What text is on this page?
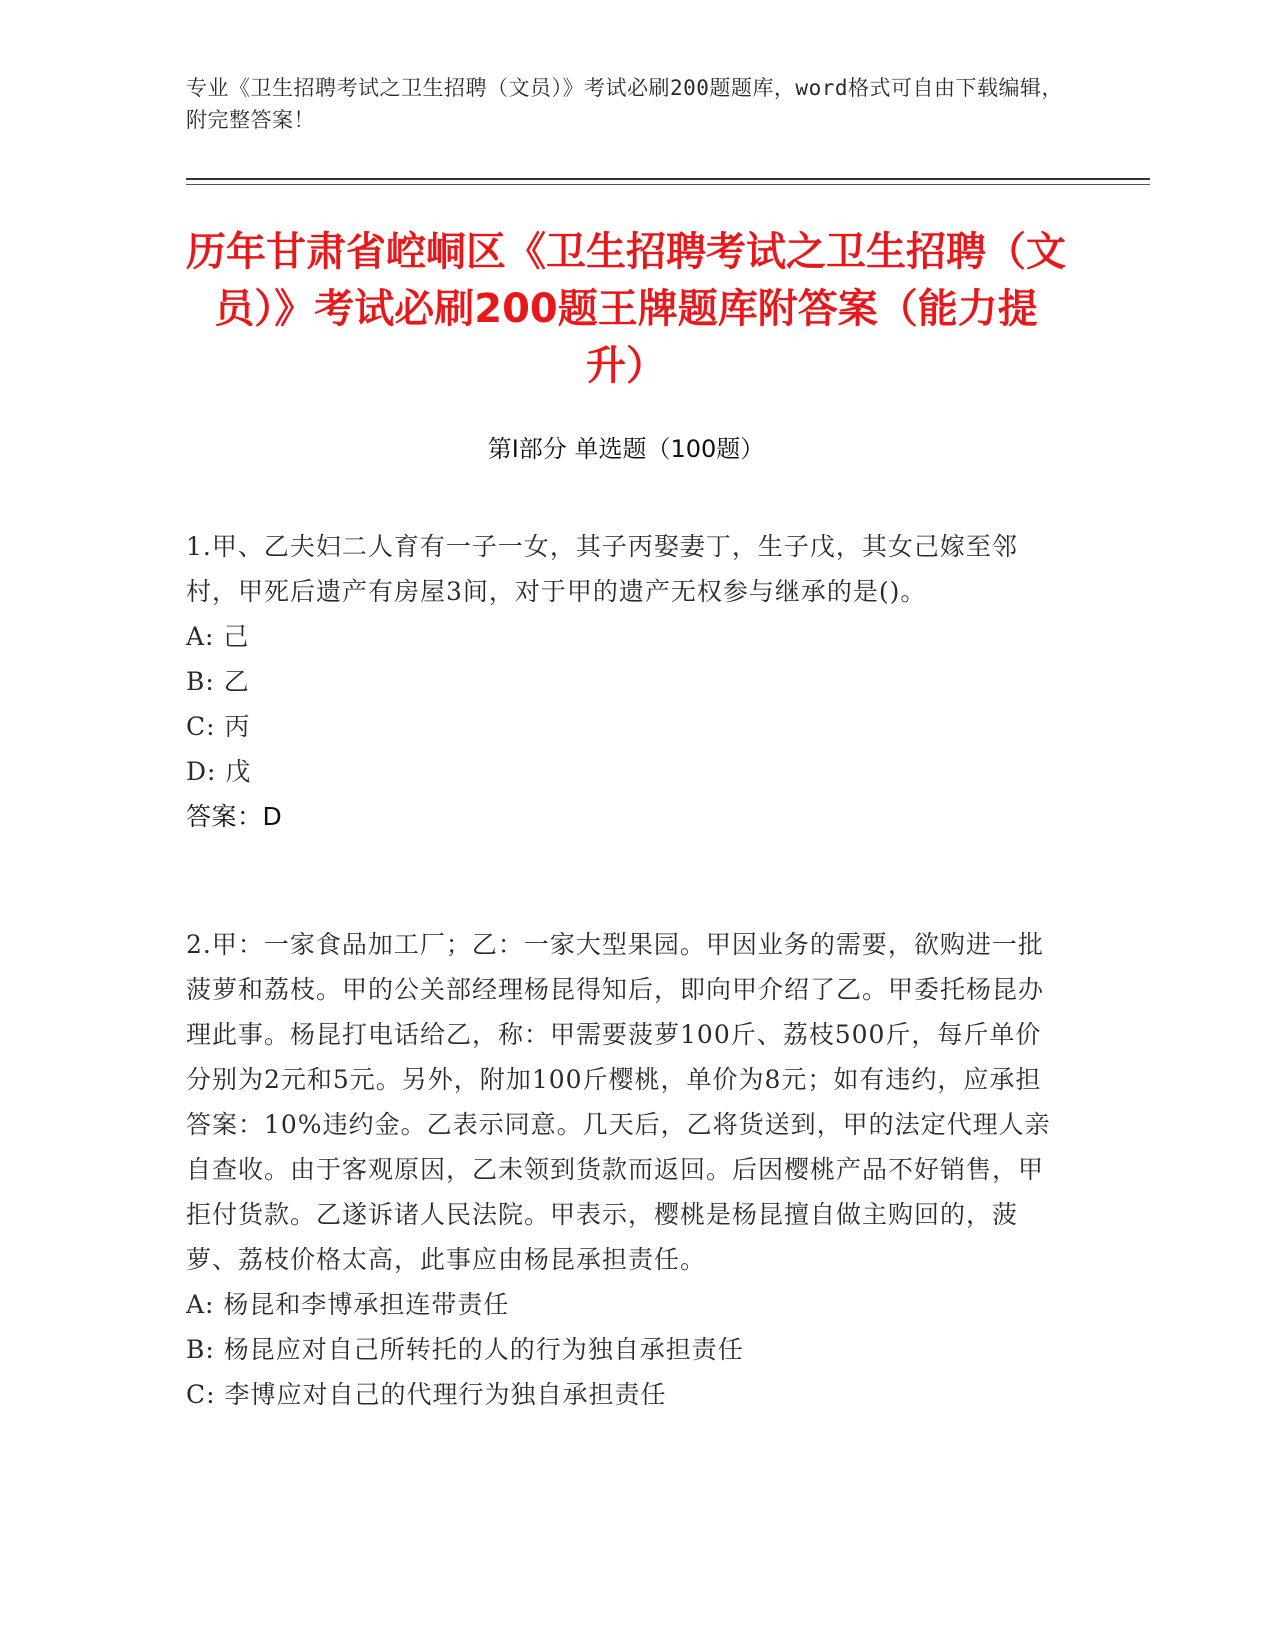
专业《卫生招聘考试之卫生招聘（文员）》考试必刷200题题库，word格式可自由下载编辑，附完整答案！
历年甘肃省崆峒区《卫生招聘考试之卫生招聘（文员）》考试必刷200题王牌题库附答案（能力提升）
第Ⅰ部分 单选题（100题）

1.甲、乙夫妇二人育有一子一女，其子丙娶妻丁，生子戊，其女己嫁至邻村，甲死后遗产有房屋3间，对于甲的遗产无权参与继承的是()。

A: 己

B: 乙

C: 丙

D: 戊

答案：D

2.甲：一家食品加工厂；乙：一家大型果园。甲因业务的需要，欲购进一批菠萝和荔枝。甲的公关部经理杨昆得知后，即向甲介绍了乙。甲委托杨昆办理此事。杨昆打电话给乙，称：甲需要菠萝100斤、荔枝500斤，每斤单价分别为2元和5元。另外，附加100斤樱桃，单价为8元；如有违约，应承担答案：10%违约金。乙表示同意。几天后，乙将货送到，甲的法定代理人亲自查收。由于客观原因，乙未领到货款而返回。后因樱桃产品不好销售，甲拒付货款。乙遂诉诸人民法院。甲表示，樱桃是杨昆擅自做主购回的，菠萝、荔枝价格太高，此事应由杨昆承担责任。

A: 杨昆和李博承担连带责任

B: 杨昆应对自己所转托的人的行为独自承担责任

C: 李博应对自己的代理行为独自承担责任
